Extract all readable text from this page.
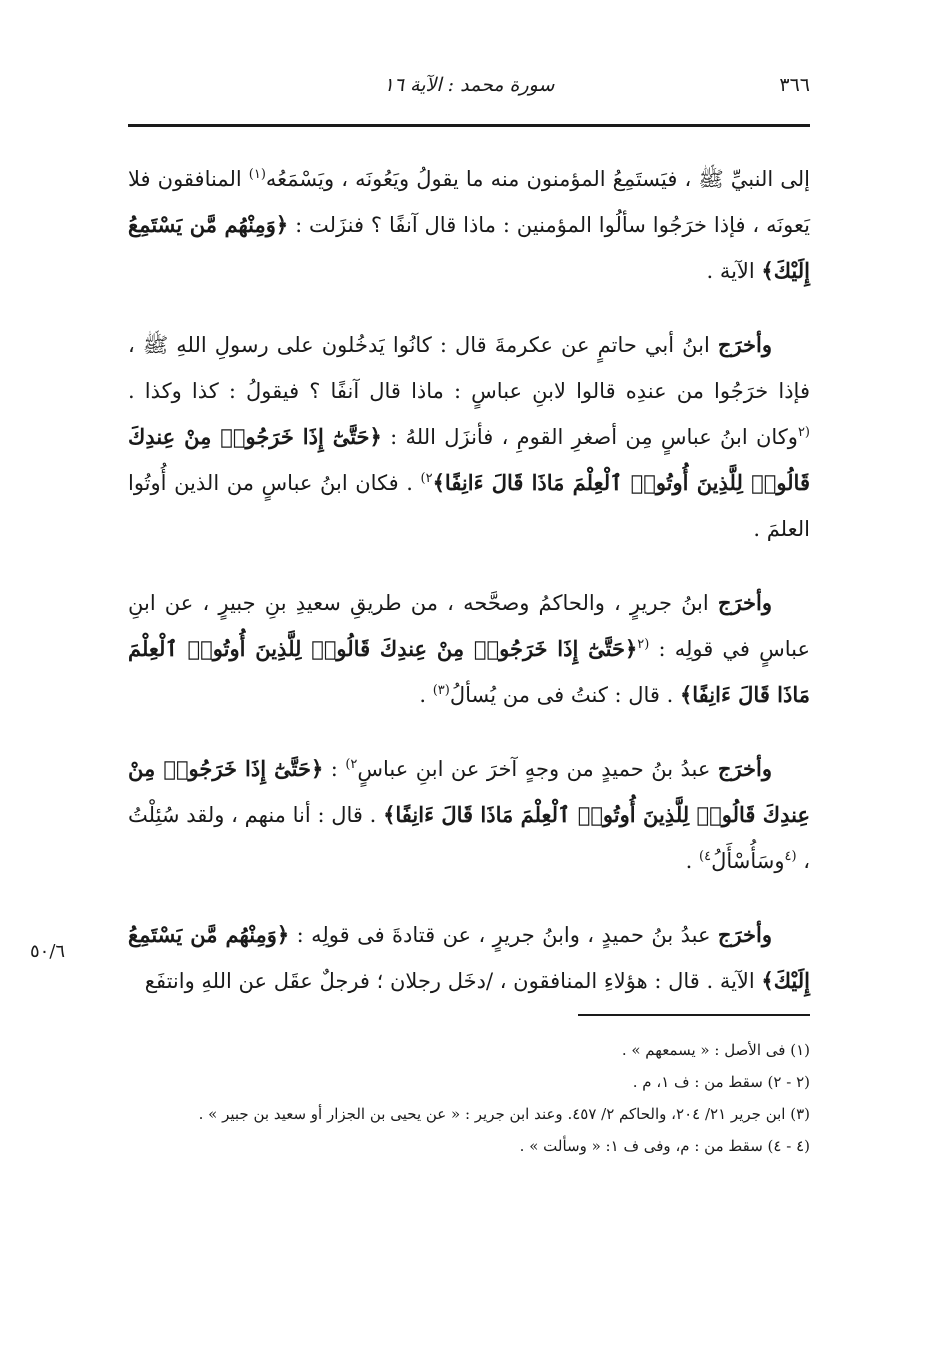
٣٦٦
سورة محمد : الآية ١٦

إلى النبيِّ ﷺ ، فيَستَمِعُ المؤمنون منه ما يقولُ ويَعُونَه ، ويَسْمَعُه$^{(١)}$ المنافقون فلا يَعونَه ، فإذا خرَجُوا سألُوا المؤمنين : ماذا قال آنفًا ؟ فنزَلت : ﴿وَمِنْهُم مَّن يَسْتَمِعُ إِلَيْكَ﴾ الآية .

وأخرَج ابنُ أبي حاتمٍ عن عكرمةَ قال : كانُوا يَدخُلون على رسولِ اللهِ ﷺ ، فإذا خرَجُوا من عندِه قالوا لابنِ عباسٍ : ماذا قال آنفًا ؟ فيقولُ : كذا وكذا . $^{(٢}$وكان ابنُ عباسٍ مِن أصغرِ القومِ ، فأنزَل اللهُ : ﴿حَتَّىٰٓ إِذَا خَرَجُوا۟ مِنْ عِندِكَ قَالُوا۟ لِلَّذِينَ أُوتُوا۟ ٱلْعِلْمَ مَاذَا قَالَ ءَانِفًا﴾$^{٢)}$ . فكان ابنُ عباسٍ من الذين أُوتُوا العلمَ .

وأخرَج ابنُ جريرٍ ، والحاكمُ وصحَّحه ، من طريقِ سعيدِ بنِ جبيرٍ ، عن ابنِ عباسٍ في قولِه : $^{(٢}$﴿حَتَّىٰٓ إِذَا خَرَجُوا۟ مِنْ عِندِكَ قَالُوا۟ لِلَّذِينَ أُوتُوا۟ ٱلْعِلْمَ مَاذَا قَالَ ءَانِفًا﴾ . قال : كنتُ فى من يُسألُ$^{(٣)}$ .

وأخرَج عبدُ بنُ حميدٍ من وجهٍ آخرَ عن ابنِ عباسٍ$^{٢)}$ : ﴿حَتَّىٰٓ إِذَا خَرَجُوا۟ مِنْ عِندِكَ قَالُوا۟ لِلَّذِينَ أُوتُوا۟ ٱلْعِلْمَ مَاذَا قَالَ ءَانِفًا﴾ . قال : أنا منهم ، ولقد سُئِلْتُ ، $^{(٤}$وسَأُسْأَلُ$^{٤)}$ .

وأخرَج عبدُ بنُ حميدٍ ، وابنُ جريرٍ ، عن قتادةَ فى قولِه : ﴿وَمِنْهُم مَّن يَسْتَمِعُ إِلَيْكَ﴾ الآية . قال : هؤلاءِ المنافقون ، /دخَل رجلان ؛ فرجلٌ عقَل عن اللهِ وانتفَع

٥٠/٦

(١) فى الأصل : « يسمعهم » .

(٢ - ٢) سقط من : ف ١، م .

(٣) ابن جرير ٢١/ ٢٠٤، والحاكم ٢/ ٤٥٧. وعند ابن جرير : « عن يحيى بن الجزار أو سعيد بن جبير » .

(٤ - ٤) سقط من : م، وفى ف ١: « وسألت » .
